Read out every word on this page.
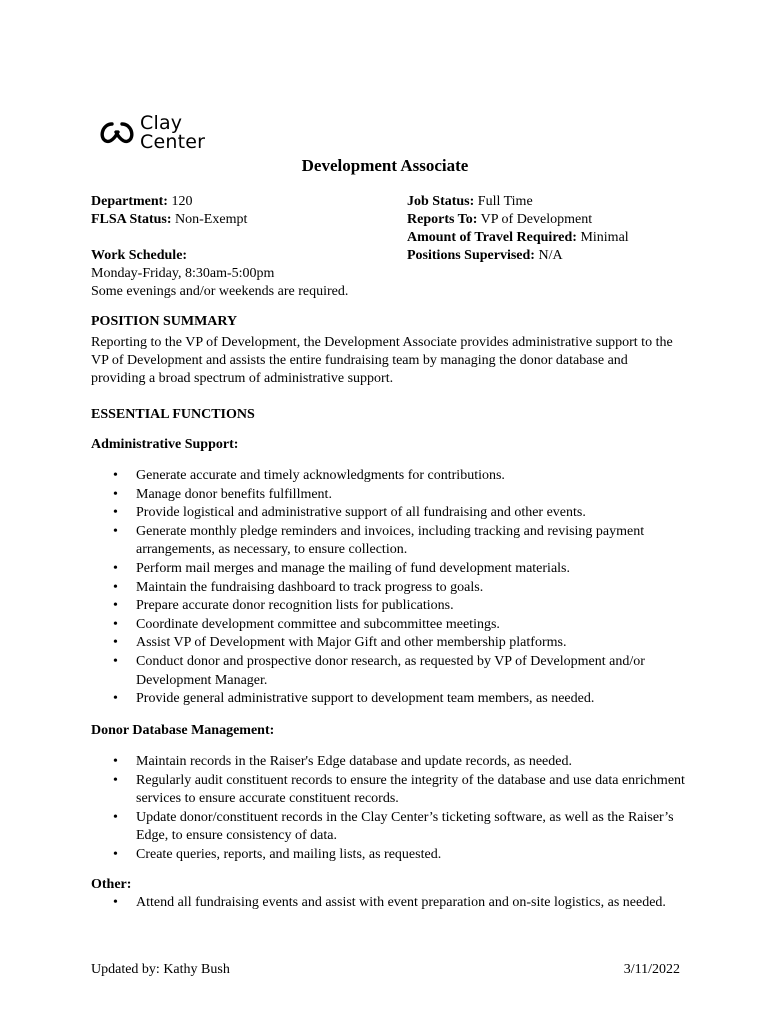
Clay
Center
Development Associate
Department: 120
FLSA Status: Non-Exempt
Work Schedule:
Monday-Friday, 8:30am-5:00pm
Some evenings and/or weekends are required.
Job Status: Full Time
Reports To: VP of Development
Amount of Travel Required: Minimal
Positions Supervised: N/A
POSITION SUMMARY
Reporting to the VP of Development, the Development Associate provides administrative support to the VP of Development and assists the entire fundraising team by managing the donor database and providing a broad spectrum of administrative support.
ESSENTIAL FUNCTIONS
Administrative Support:
• Generate accurate and timely acknowledgments for contributions.
• Manage donor benefits fulfillment.
• Provide logistical and administrative support of all fundraising and other events.
• Generate monthly pledge reminders and invoices, including tracking and revising payment arrangements, as necessary, to ensure collection.
• Perform mail merges and manage the mailing of fund development materials.
• Maintain the fundraising dashboard to track progress to goals.
• Prepare accurate donor recognition lists for publications.
• Coordinate development committee and subcommittee meetings.
• Assist VP of Development with Major Gift and other membership platforms.
• Conduct donor and prospective donor research, as requested by VP of Development and/or Development Manager.
• Provide general administrative support to development team members, as needed.
Donor Database Management:
• Maintain records in the Raiser's Edge database and update records, as needed.
• Regularly audit constituent records to ensure the integrity of the database and use data enrichment services to ensure accurate constituent records.
• Update donor/constituent records in the Clay Center’s ticketing software, as well as the Raiser’s Edge, to ensure consistency of data.
• Create queries, reports, and mailing lists, as requested.
Other:
• Attend all fundraising events and assist with event preparation and on-site logistics, as needed.
Updated by: Kathy Bush	3/11/2022
